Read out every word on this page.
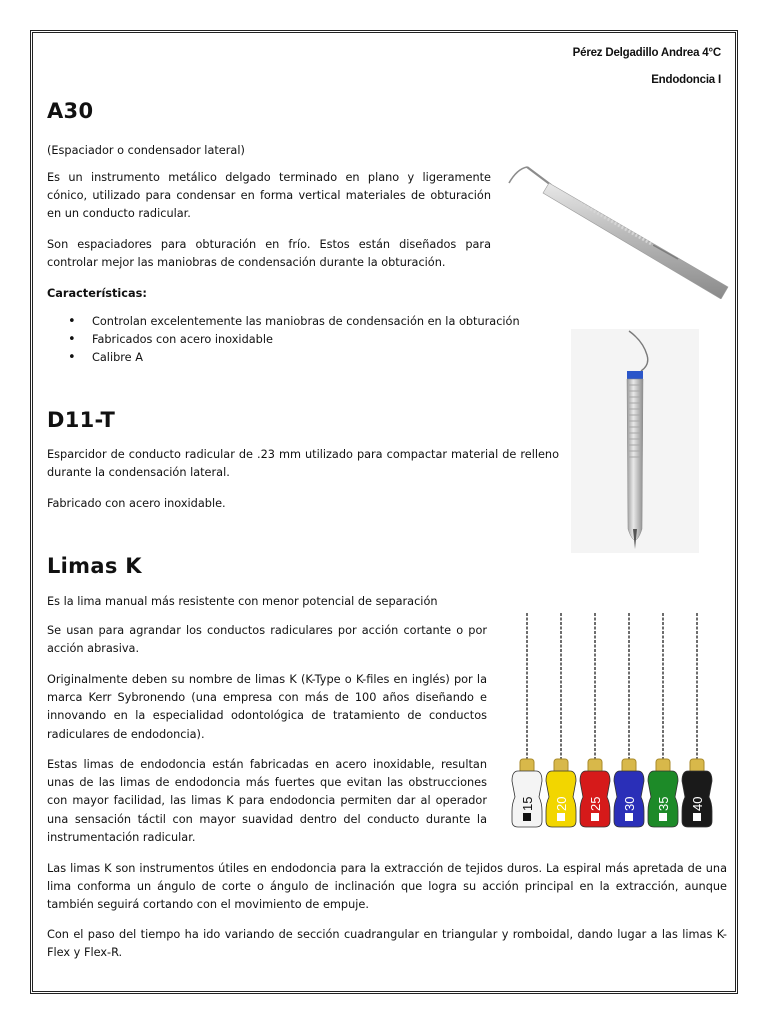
Pérez Delgadillo Andrea 4°C
Endodoncia I
A30

(Espaciador o condensador lateral)

Es un instrumento metálico delgado terminado en plano y ligeramente cónico, utilizado para condensar en forma vertical materiales de obturación en un conducto radicular.

Son espaciadores para obturación en frío. Estos están diseñados para controlar mejor las maniobras de condensación durante la obturación.

Características:

• Controlan excelentemente las maniobras de condensación en la obturación
• Fabricados con acero inoxidable
• Calibre A
D11-T

Esparcidor de conducto radicular de .23 mm utilizado para compactar material de relleno durante la condensación lateral.

Fabricado con acero inoxidable.

Limas K

Es la lima manual más resistente con menor potencial de separación

Se usan para agrandar los conductos radiculares por acción cortante o por acción abrasiva.

Originalmente deben su nombre de limas K (K-Type o K-files en inglés) por la marca Kerr Sybronendo (una empresa con más de 100 años diseñando e innovando en la especialidad odontológica de tratamiento de conductos radiculares de endodoncia).

Estas limas de endodoncia están fabricadas en acero inoxidable, resultan unas de las limas de endodoncia más fuertes que evitan las obstrucciones con mayor facilidad, las limas K para endodoncia permiten dar al operador una sensación táctil con mayor suavidad dentro del conducto durante la instrumentación radicular.

Las limas K son instrumentos útiles en endodoncia para la extracción de tejidos duros. La espiral más apretada de una lima conforma un ángulo de corte o ángulo de inclinación que logra su acción principal en la extracción, aunque también seguirá cortando con el movimiento de empuje.

Con el paso del tiempo ha ido variando de sección cuadrangular en triangular y romboidal, dando lugar a las limas K-Flex y Flex-R.

15 20 25 30 35 40
